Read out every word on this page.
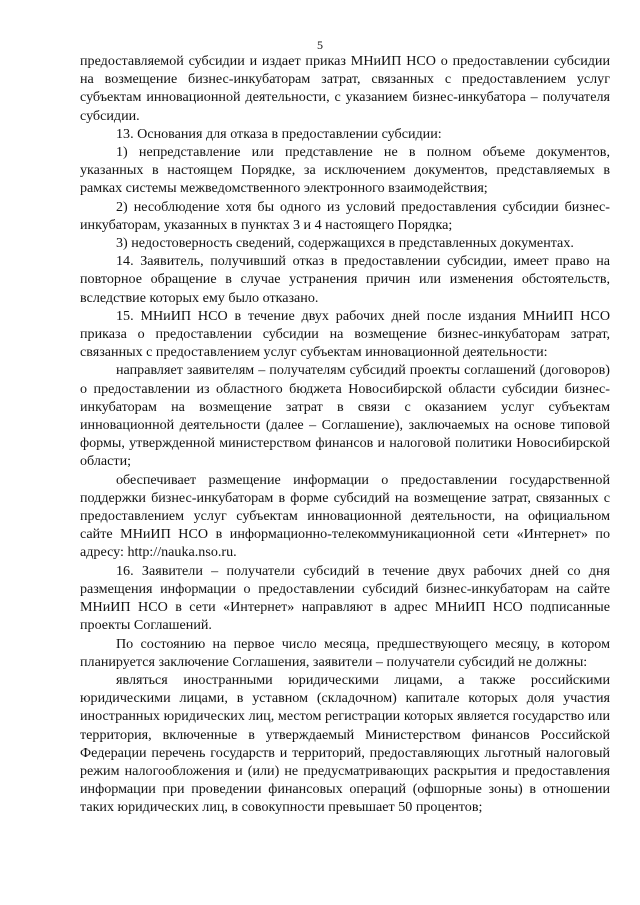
5

предоставляемой субсидии и издает приказ МНиИП НСО о предоставлении субсидии на возмещение бизнес-инкубаторам затрат, связанных с предоставлением услуг субъектам инновационной деятельности, с указанием бизнес-инкубатора – получателя субсидии.

13. Основания для отказа в предоставлении субсидии:

1) непредставление или представление не в полном объеме документов, указанных в настоящем Порядке, за исключением документов, представляемых в рамках системы межведомственного электронного взаимодействия;

2) несоблюдение хотя бы одного из условий предоставления субсидии бизнес-инкубаторам, указанных в пунктах 3 и 4 настоящего Порядка;

3) недостоверность сведений, содержащихся в представленных документах.

14. Заявитель, получивший отказ в предоставлении субсидии, имеет право на повторное обращение в случае устранения причин или изменения обстоятельств, вследствие которых ему было отказано.

15. МНиИП НСО в течение двух рабочих дней после издания МНиИП НСО приказа о предоставлении субсидии на возмещение бизнес-инкубаторам затрат, связанных с предоставлением услуг субъектам инновационной деятельности:

направляет заявителям – получателям субсидий проекты соглашений (договоров) о предоставлении из областного бюджета Новосибирской области субсидии бизнес-инкубаторам на возмещение затрат в связи с оказанием услуг субъектам инновационной деятельности (далее – Соглашение), заключаемых на основе типовой формы, утвержденной министерством финансов и налоговой политики Новосибирской области;

обеспечивает размещение информации о предоставлении государственной поддержки бизнес-инкубаторам в форме субсидий на возмещение затрат, связанных с предоставлением услуг субъектам инновационной деятельности, на официальном сайте МНиИП НСО в информационно-телекоммуникационной сети «Интернет» по адресу: http://nauka.nso.ru.

16. Заявители – получатели субсидий в течение двух рабочих дней со дня размещения информации о предоставлении субсидий бизнес-инкубаторам на сайте МНиИП НСО в сети «Интернет» направляют в адрес МНиИП НСО подписанные проекты Соглашений.

По состоянию на первое число месяца, предшествующего месяцу, в котором планируется заключение Соглашения, заявители – получатели субсидий не должны:

являться иностранными юридическими лицами, а также российскими юридическими лицами, в уставном (складочном) капитале которых доля участия иностранных юридических лиц, местом регистрации которых является государство или территория, включенные в утверждаемый Министерством финансов Российской Федерации перечень государств и территорий, предоставляющих льготный налоговый режим налогообложения и (или) не предусматривающих раскрытия и предоставления информации при проведении финансовых операций (офшорные зоны) в отношении таких юридических лиц, в совокупности превышает 50 процентов;
